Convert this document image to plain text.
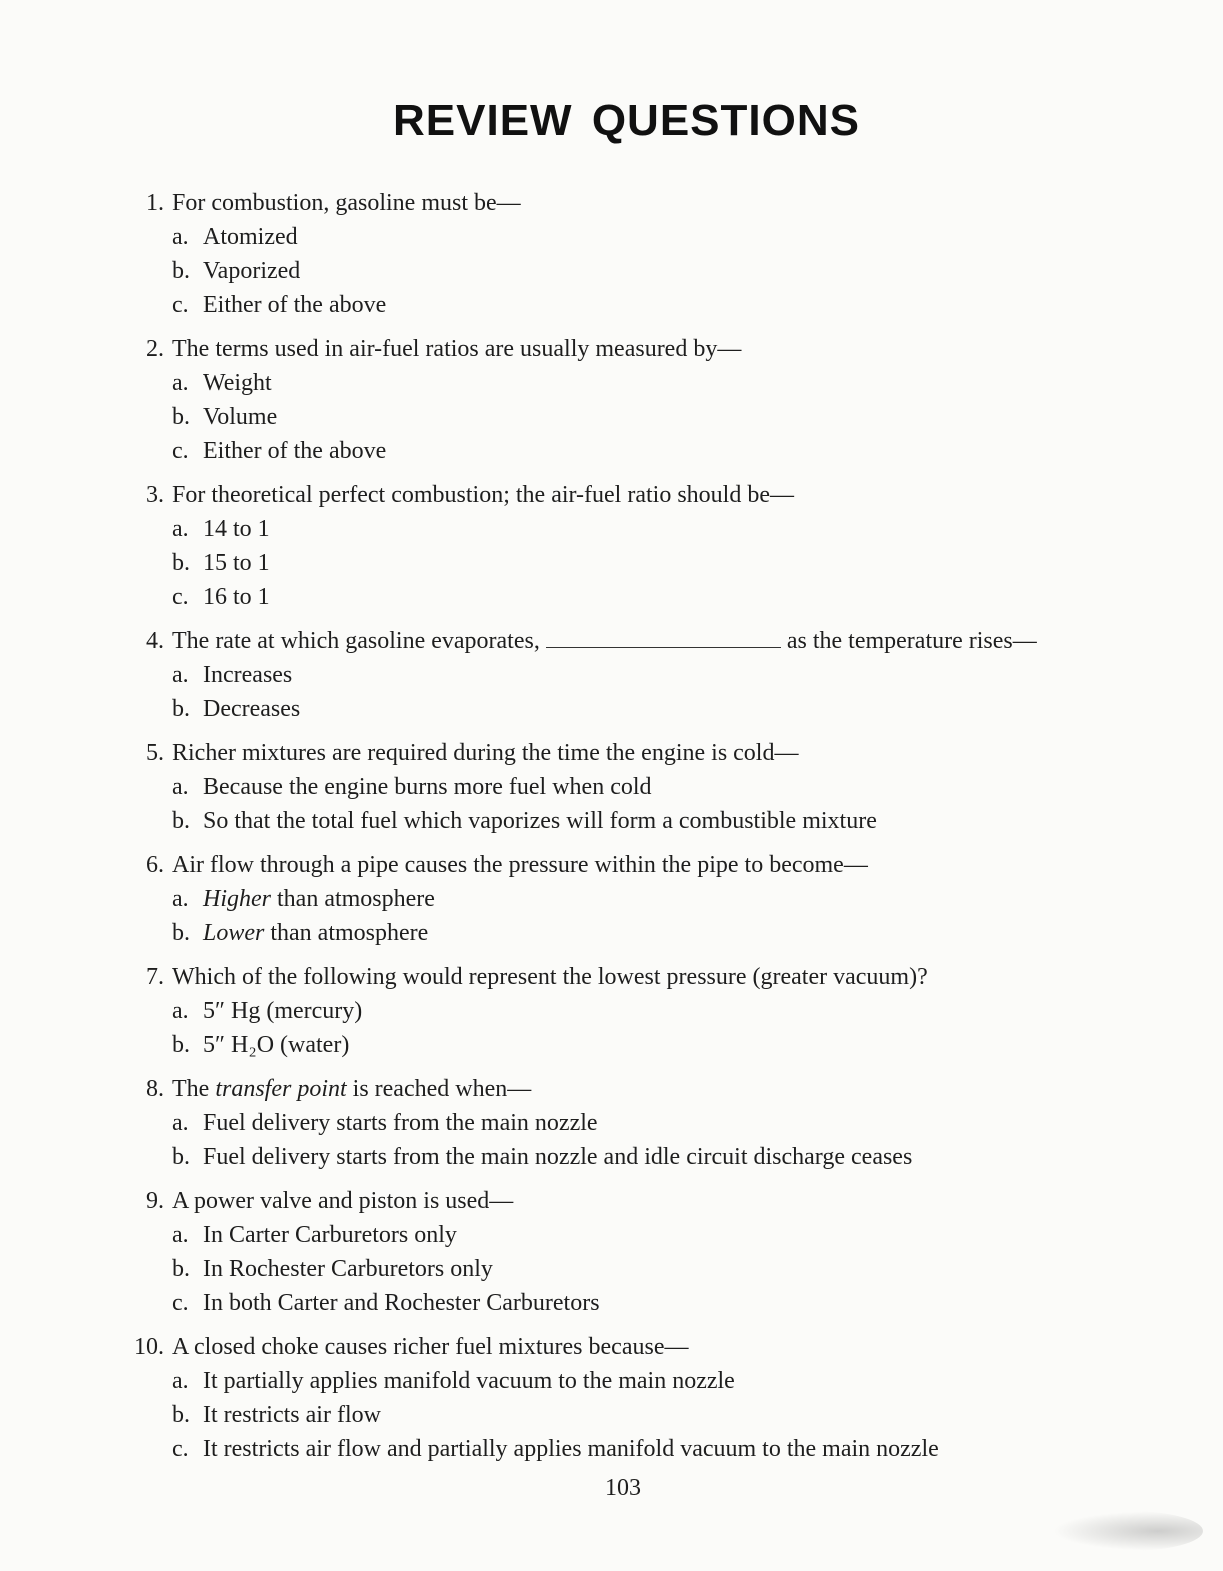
REVIEW QUESTIONS
1. For combustion, gasoline must be—
a. Atomized
b. Vaporized
c. Either of the above
2. The terms used in air-fuel ratios are usually measured by—
a. Weight
b. Volume
c. Either of the above
3. For theoretical perfect combustion; the air-fuel ratio should be—
a. 14 to 1
b. 15 to 1
c. 16 to 1
4. The rate at which gasoline evaporates,	as the temperature rises—
a. Increases
b. Decreases
5. Richer mixtures are required during the time the engine is cold—
a. Because the engine burns more fuel when cold
b. So that the total fuel which vaporizes will form a combustible mixture
6. Air flow through a pipe causes the pressure within the pipe to become—
a. Higher than atmosphere
b. Lower than atmosphere
7. Which of the following would represent the lowest pressure (greater vacuum)?
a. 5″ Hg (mercury)
b. 5″ H₂O (water)
8. The transfer point is reached when—
a. Fuel delivery starts from the main nozzle
b. Fuel delivery starts from the main nozzle and idle circuit discharge ceases
9. A power valve and piston is used—
a. In Carter Carburetors only
b. In Rochester Carburetors only
c. In both Carter and Rochester Carburetors
10. A closed choke causes richer fuel mixtures because—
a. It partially applies manifold vacuum to the main nozzle
b. It restricts air flow
c. It restricts air flow and partially applies manifold vacuum to the main nozzle
103
